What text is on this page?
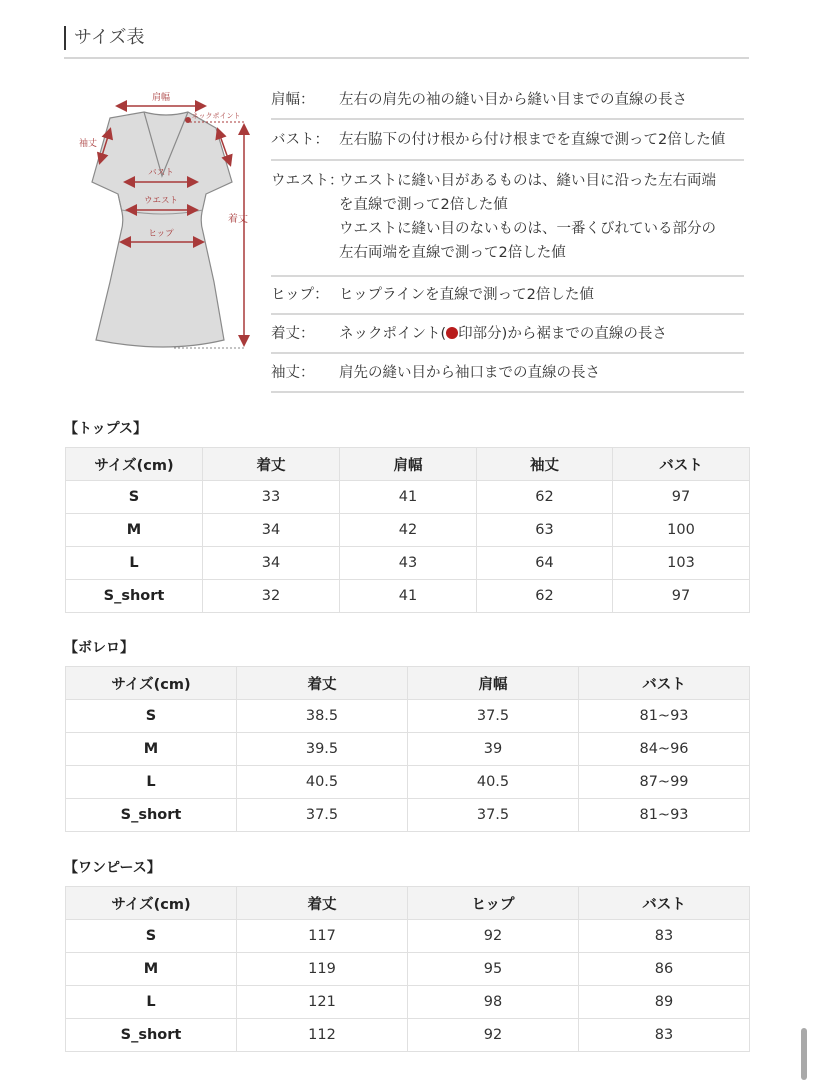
サイズ表
肩幅
ネックポイント
袖丈
バスト
ウエスト
ヒップ
着丈
肩幅：	左右の肩先の袖の縫い目から縫い目までの直線の長さ
バスト： 左右脇下の付け根から付け根までを直線で測って2倍した値
ウエスト：
ウエストに縫い目があるものは、縫い目に沿った左右両端
を直線で測って2倍した値
ウエストに縫い目のないものは、一番くびれている部分の
左右両端を直線で測って2倍した値
ヒップ： ヒップラインを直線で測って2倍した値
着丈：	ネックポイント( 印部分)から裾までの直線の長さ
袖丈：	肩先の縫い目から袖口までの直線の長さ
【トップス】
サイズ(cm)	着丈	肩幅	袖丈	バスト
S	33	41	62	97
M	34	42	63	100
L	34	43	64	103
S_short	32	41	62	97
【ボレロ】
サイズ(cm)	着丈	肩幅	バスト
S	38.5	37.5	81~93
M	39.5	39	84~96
L	40.5	40.5	87~99
S_short	37.5	37.5	81~93
【ワンピース】
サイズ(cm)	着丈	ヒップ	バスト
S	117	92	83
M	119	95	86
L	121	98	89
S_short	112	92	83
